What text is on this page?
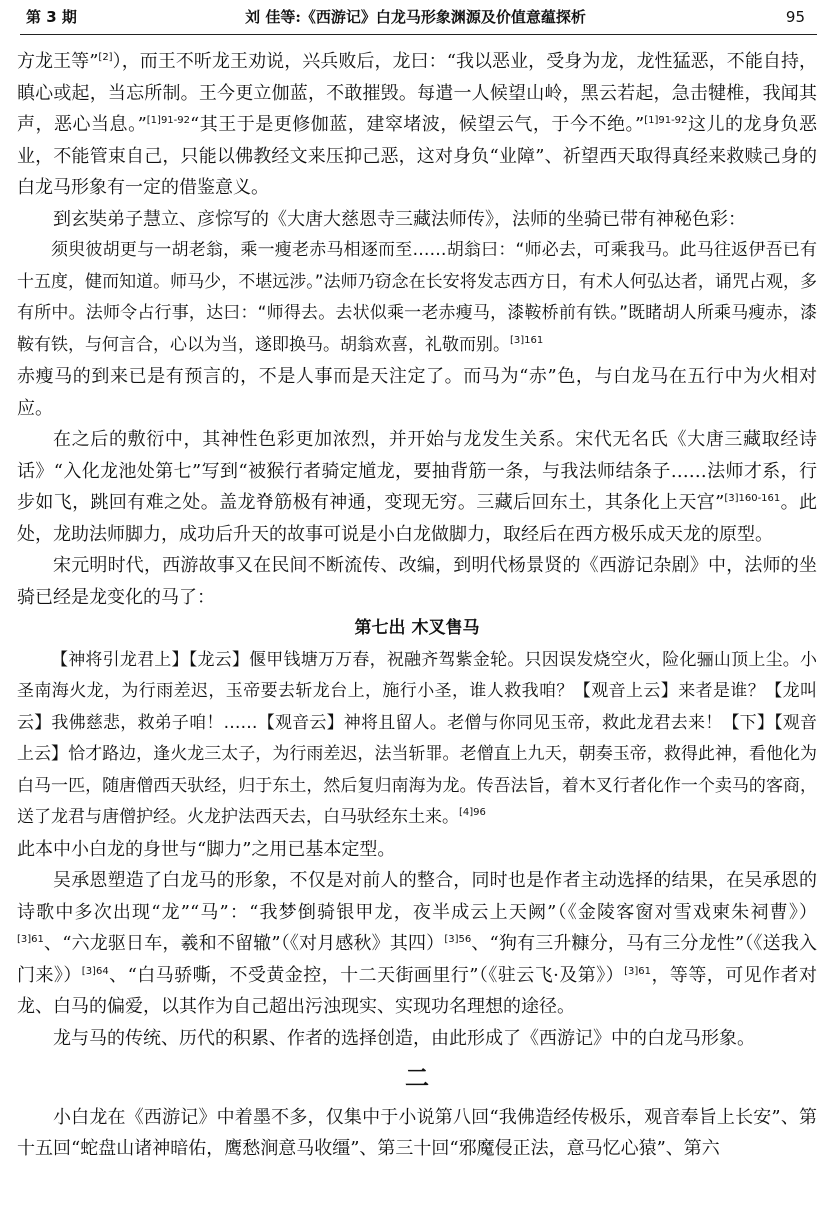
第 3 期	刘 佳等:《西游记》白龙马形象渊源及价值意蕴探析	95

方龙王等”[2]），而王不听龙王劝说，兴兵败后，龙曰：“我以恶业，受身为龙，龙性猛恶，不能自持，瞋心或起，当忘所制。王今更立伽蓝，不敢摧毁。每遣一人候望山岭，黑云若起，急击犍椎，我闻其声，恶心当息。”$^{[1]91-92}$“其王于是更修伽蓝，建窣堵波，候望云气，于今不绝。”$^{[1]91-92}$这儿的龙身负恶业，不能管束自己，只能以佛教经文来压抑己恶，这对身负“业障”、祈望西天取得真经来救赎己身的白龙马形象有一定的借鉴意义。

到玄奘弟子慧立、彦悰写的《大唐大慈恩寺三藏法师传》，法师的坐骑已带有神秘色彩：

须臾彼胡更与一胡老翁，乘一瘦老赤马相逐而至……胡翁曰：“师必去，可乘我马。此马往返伊吾已有十五度，健而知道。师马少，不堪远涉。”法师乃窃念在长安将发志西方日，有术人何弘达者，诵咒占观，多有所中。法师令占行事，达曰：“师得去。去状似乘一老赤瘦马，漆鞍桥前有铁。”既睹胡人所乘马瘦赤，漆鞍有铁，与何言合，心以为当，遂即换马。胡翁欢喜，礼敬而别。$^{[3]161}$

赤瘦马的到来已是有预言的，不是人事而是天注定了。而马为“赤”色，与白龙马在五行中为火相对应。

在之后的敷衍中，其神性色彩更加浓烈，并开始与龙发生关系。宋代无名氏《大唐三藏取经诗话》“入化龙池处第七”写到“被猴行者骑定馗龙，要抽背筋一条，与我法师结条子……法师才系，行步如飞，跳回有难之处。盖龙脊筋极有神通，变现无穷。三藏后回东土，其条化上天宫”$^{[3]160-161}$。此处，龙助法师脚力，成功后升天的故事可说是小白龙做脚力，取经后在西方极乐成天龙的原型。

宋元明时代，西游故事又在民间不断流传、改编，到明代杨景贤的《西游记杂剧》中，法师的坐骑已经是龙变化的马了：

第七出 木叉售马

【神将引龙君上】【龙云】偃甲钱塘万万春，祝融齐驾紫金轮。只因误发烧空火，险化骊山顶上尘。小圣南海火龙，为行雨差迟，玉帝要去斩龙台上，施行小圣，谁人救我咱？【观音上云】来者是谁？【龙叫云】我佛慈悲，救弟子咱！……【观音云】神将且留人。老僧与你同见玉帝，救此龙君去来！【下】【观音上云】恰才路边，逢火龙三太子，为行雨差迟，法当斩罪。老僧直上九天，朝奏玉帝，救得此神，看他化为白马一匹，随唐僧西天驮经，归于东土，然后复归南海为龙。传吾法旨，着木叉行者化作一个卖马的客商，送了龙君与唐僧护经。火龙护法西天去，白马驮经东土来。$^{[4]96}$

此本中小白龙的身世与“脚力”之用已基本定型。

吴承恩塑造了白龙马的形象，不仅是对前人的整合，同时也是作者主动选择的结果，在吴承恩的诗歌中多次出现“龙”“马”：“我梦倒骑银甲龙，夜半成云上天阙”（《金陵客窗对雪戏柬朱祠曹》）$^{[3]61}$、“六龙驱日车，羲和不留辙”（《对月感秋》其四）$^{[3]56}$、“狗有三升糠分，马有三分龙性”（《送我入门来》）$^{[3]64}$、“白马骄嘶，不受黄金控，十二天街画里行”（《驻云飞·及第》）$^{[3]61}$，等等，可见作者对龙、白马的偏爱，以其作为自己超出污浊现实、实现功名理想的途径。

龙与马的传统、历代的积累、作者的选择创造，由此形成了《西游记》中的白龙马形象。

二

小白龙在《西游记》中着墨不多，仅集中于小说第八回“我佛造经传极乐，观音奉旨上长安”、第十五回“蛇盘山诸神暗佑，鹰愁涧意马收缰”、第三十回“邪魔侵正法，意马忆心猿”、第六
